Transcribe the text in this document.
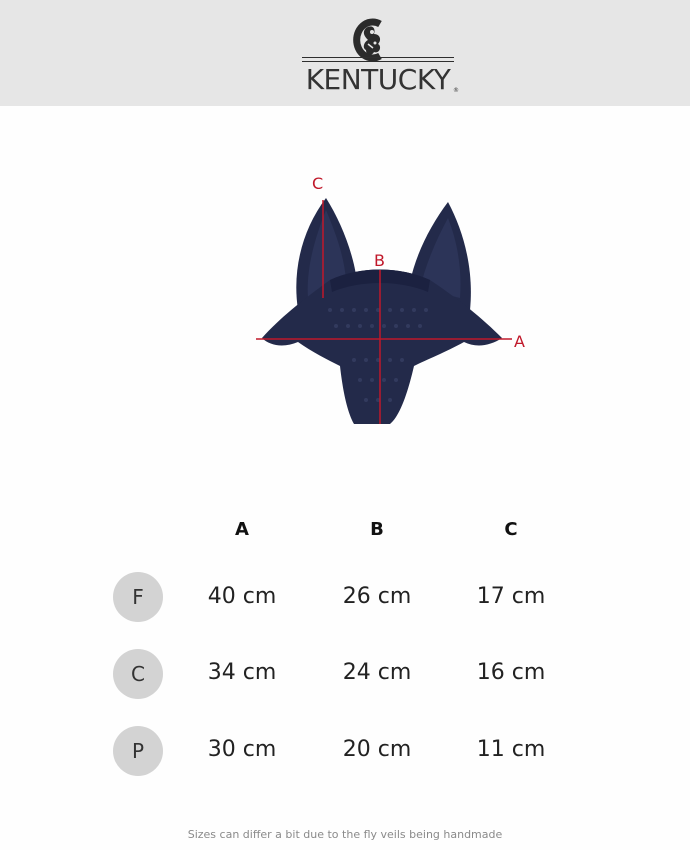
KENTUCKY ®
C
B
A
A	B	C
F	40 cm	26 cm	17 cm
C	34 cm	24 cm	16 cm
P	30 cm	20 cm	11 cm
Sizes can differ a bit due to the fly veils being handmade
